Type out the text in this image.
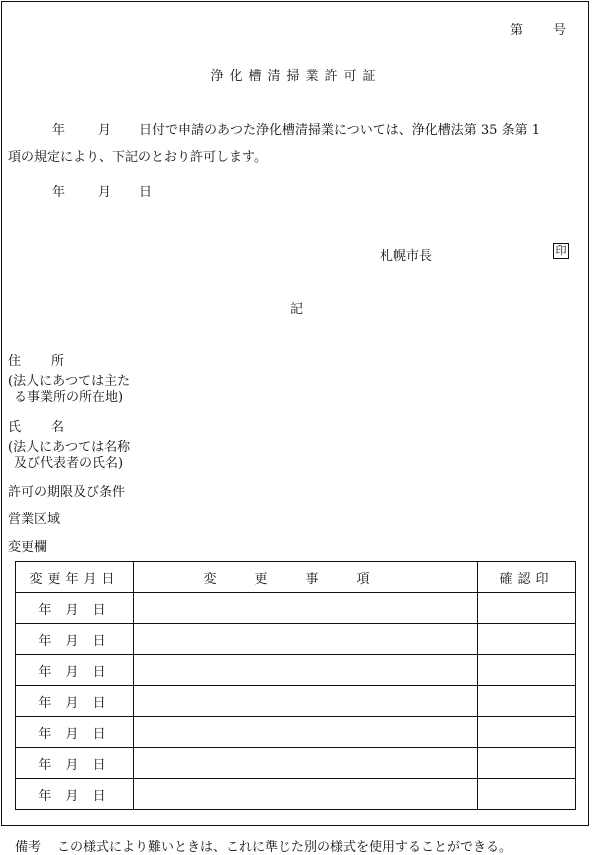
第 号
浄化槽清掃業許可証
年	月 日付で申請のあつた浄化槽清掃業については、浄化槽法第 35 条第 1
項の規定により、下記のとおり許可します。
年	月 日
札幌市長	印
記
住 所
(法人にあつては主た
る事業所の所在地)
氏 名
(法人にあつては名称
及び代表者の氏名)
許可の期限及び条件
営業区域
変更欄
変更年月日	変更事項	確認印
年 月 日		
年 月 日		
年 月 日		
年 月 日		
年 月 日		
年 月 日		
年 月 日		
備考 この様式により難いときは、これに準じた別の様式を使用することができる。
